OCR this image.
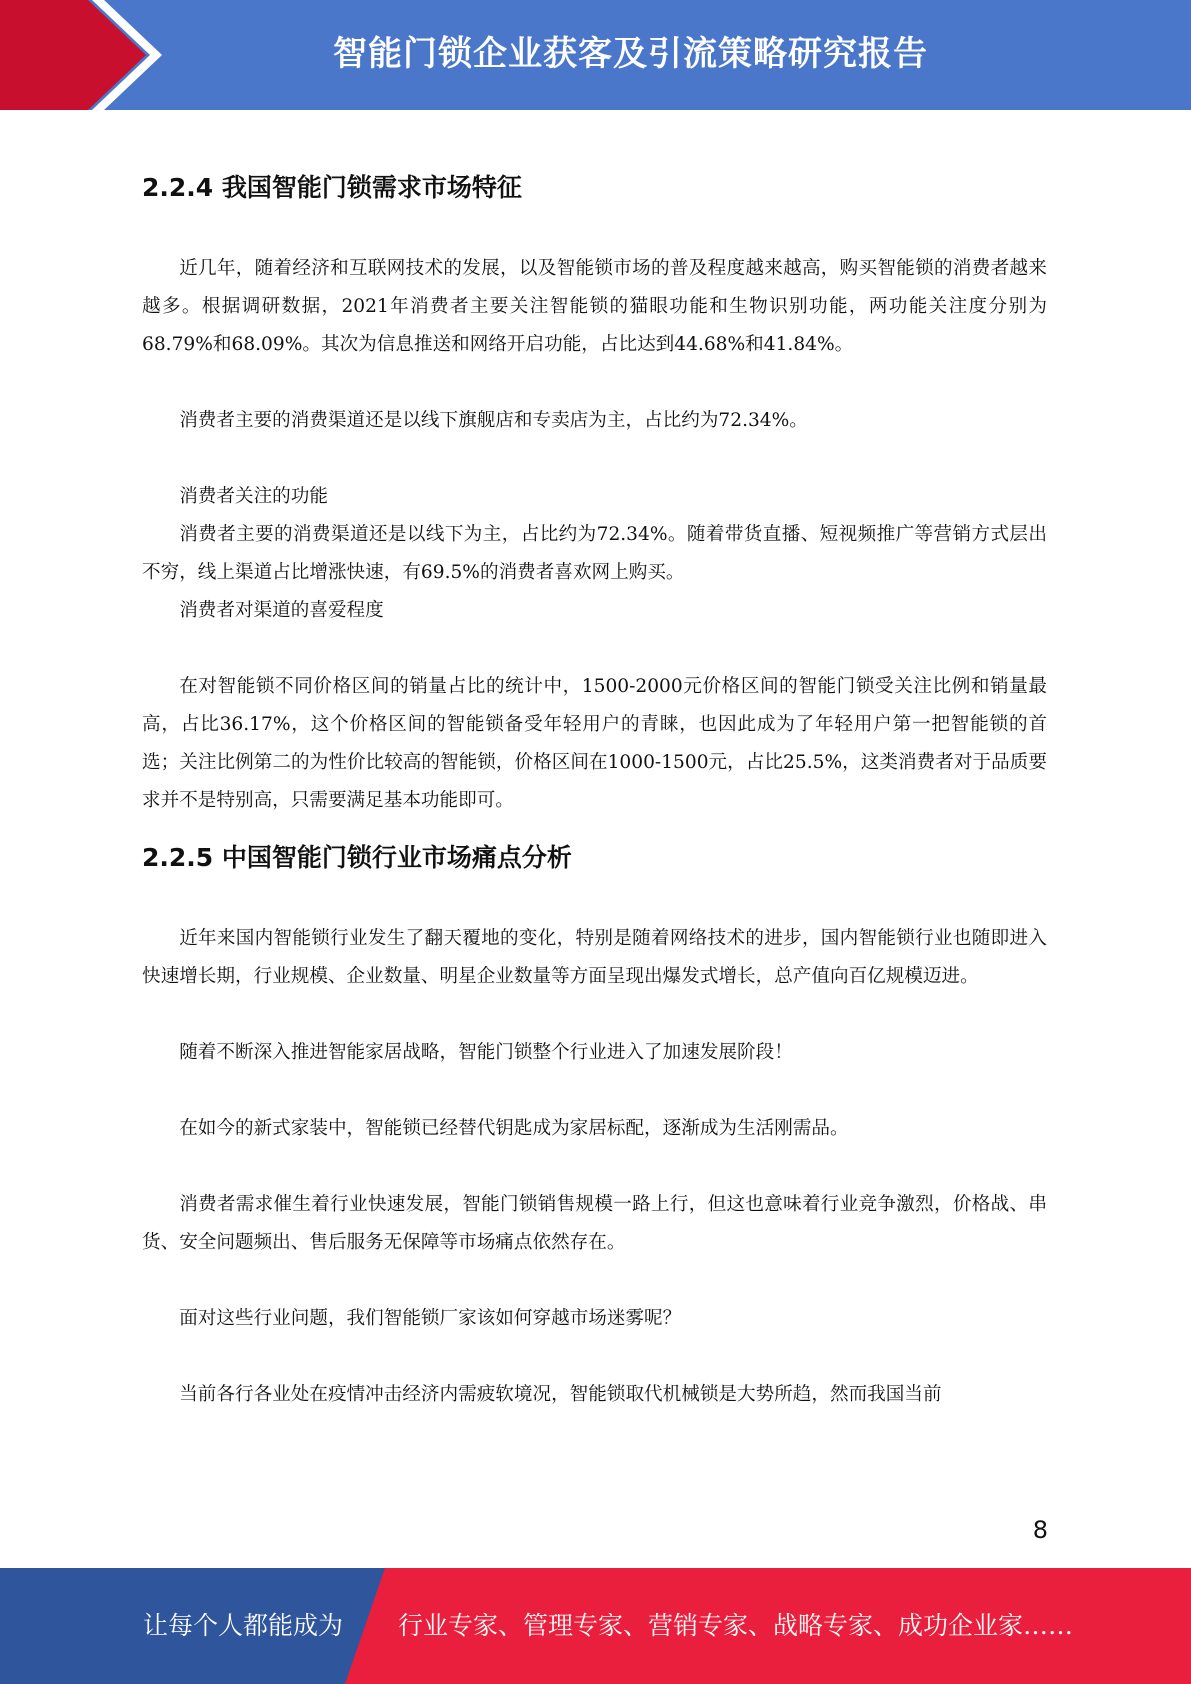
智能门锁企业获客及引流策略研究报告
2.2.4 我国智能门锁需求市场特征

近几年，随着经济和互联网技术的发展，以及智能锁市场的普及程度越来越高，购买智能锁的消费者越来越多。根据调研数据，2021年消费者主要关注智能锁的猫眼功能和生物识别功能，两功能关注度分别为68.79%和68.09%。其次为信息推送和网络开启功能，占比达到44.68%和41.84%。

消费者主要的消费渠道还是以线下旗舰店和专卖店为主，占比约为72.34%。

消费者关注的功能

消费者主要的消费渠道还是以线下为主，占比约为72.34%。随着带货直播、短视频推广等营销方式层出不穷，线上渠道占比增涨快速，有69.5%的消费者喜欢网上购买。

消费者对渠道的喜爱程度

在对智能锁不同价格区间的销量占比的统计中，1500-2000元价格区间的智能门锁受关注比例和销量最高，占比36.17%，这个价格区间的智能锁备受年轻用户的青睐，也因此成为了年轻用户第一把智能锁的首选；关注比例第二的为性价比较高的智能锁，价格区间在1000-1500元，占比25.5%，这类消费者对于品质要求并不是特别高，只需要满足基本功能即可。

2.2.5 中国智能门锁行业市场痛点分析

近年来国内智能锁行业发生了翻天覆地的变化，特别是随着网络技术的进步，国内智能锁行业也随即进入快速增长期，行业规模、企业数量、明星企业数量等方面呈现出爆发式增长，总产值向百亿规模迈进。

随着不断深入推进智能家居战略，智能门锁整个行业进入了加速发展阶段！

在如今的新式家装中，智能锁已经替代钥匙成为家居标配，逐渐成为生活刚需品。

消费者需求催生着行业快速发展，智能门锁销售规模一路上行，但这也意味着行业竞争激烈，价格战、串货、安全问题频出、售后服务无保障等市场痛点依然存在。

面对这些行业问题，我们智能锁厂家该如何穿越市场迷雾呢？

当前各行各业处在疫情冲击经济内需疲软境况，智能锁取代机械锁是大势所趋，然而我国当前

8
让每个人都能成为 行业专家、管理专家、营销专家、战略专家、成功企业家……
